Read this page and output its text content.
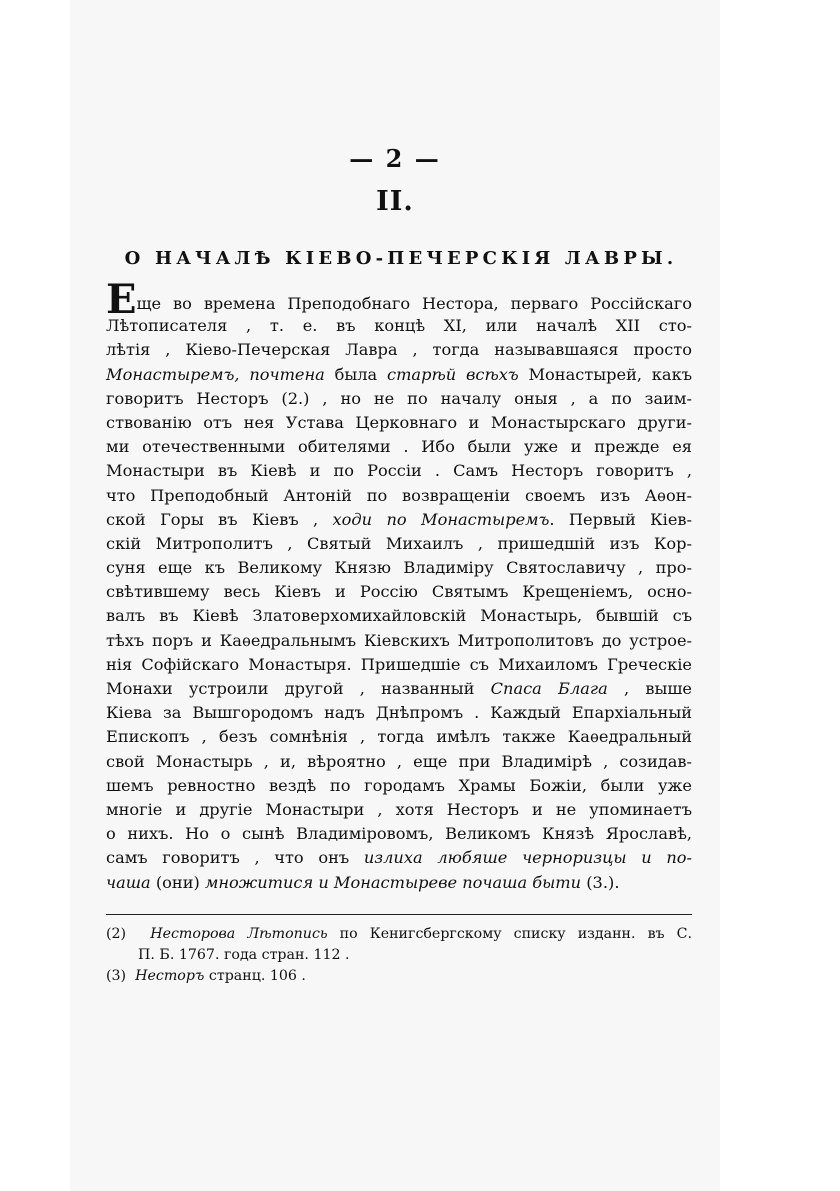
— 2 —
II.
О НАЧАЛѢ КІЕВО-ПЕЧЕРСКІЯ ЛАВРЫ.
Еще во времена Преподобнаго Нестора, перваго Россійскаго
Лѣтописателя , т. е. въ концѣ XI, или началѣ XII сто-
лѣтія , Кіево-Печерская Лавра , тогда называвшаяся просто
Монастыремъ, почтена была старѣй всѣхъ Монастырей, какъ
говоритъ Несторъ (2.) , но не по началу оныя , а по заим-
ствованію отъ нея Устава Церковнаго и Монастырскаго други-
ми отечественными обителями . Ибо были уже и прежде ея
Монастыри въ Кіевѣ и по Россіи . Самъ Несторъ говоритъ ,
что Преподобный Антоній по возвращеніи своемъ изъ Аѳон-
ской Горы въ Кіевъ , ходи по Монастыремъ. Первый Кіев-
скій Митрополитъ , Святый Михаилъ , пришедшій изъ Кор-
суня еще къ Великому Князю Владиміру Святославичу , про-
свѣтившему весь Кіевъ и Россію Святымъ Крещеніемъ, осно-
валъ въ Кіевѣ Златоверхомихайловскій Монастырь, бывшій съ
тѣхъ поръ и Каѳедральнымъ Кіевскихъ Митрополитовъ до устрое-
нія Софійскаго Монастыря. Пришедшіе съ Михаиломъ Греческіе
Монахи устроили другой , названный Спаса Блага , выше
Кіева за Вышгородомъ надъ Днѣпромъ . Каждый Епархіальный
Епископъ , безъ сомнѣнія , тогда имѣлъ также Каѳедральный
свой Монастырь , и, вѣроятно , еще при Владимірѣ , созидав-
шемъ ревностно вездѣ по городамъ Храмы Божіи, были уже
многіе и другіе Монастыри , хотя Несторъ и не упоминаетъ
о нихъ. Но о сынѣ Владиміровомъ, Великомъ Князѣ Ярославѣ,
самъ говоритъ , что онъ излиха любяше черноризцы и по-
чаша (они) множитися и Монастыреве почаша быти (3.).
(2) Несторова Лѣтопись по Кенигсбергскому списку изданн. въ С.
П. Б. 1767. года стран. 112 .
(3) Несторъ странц. 106 .
